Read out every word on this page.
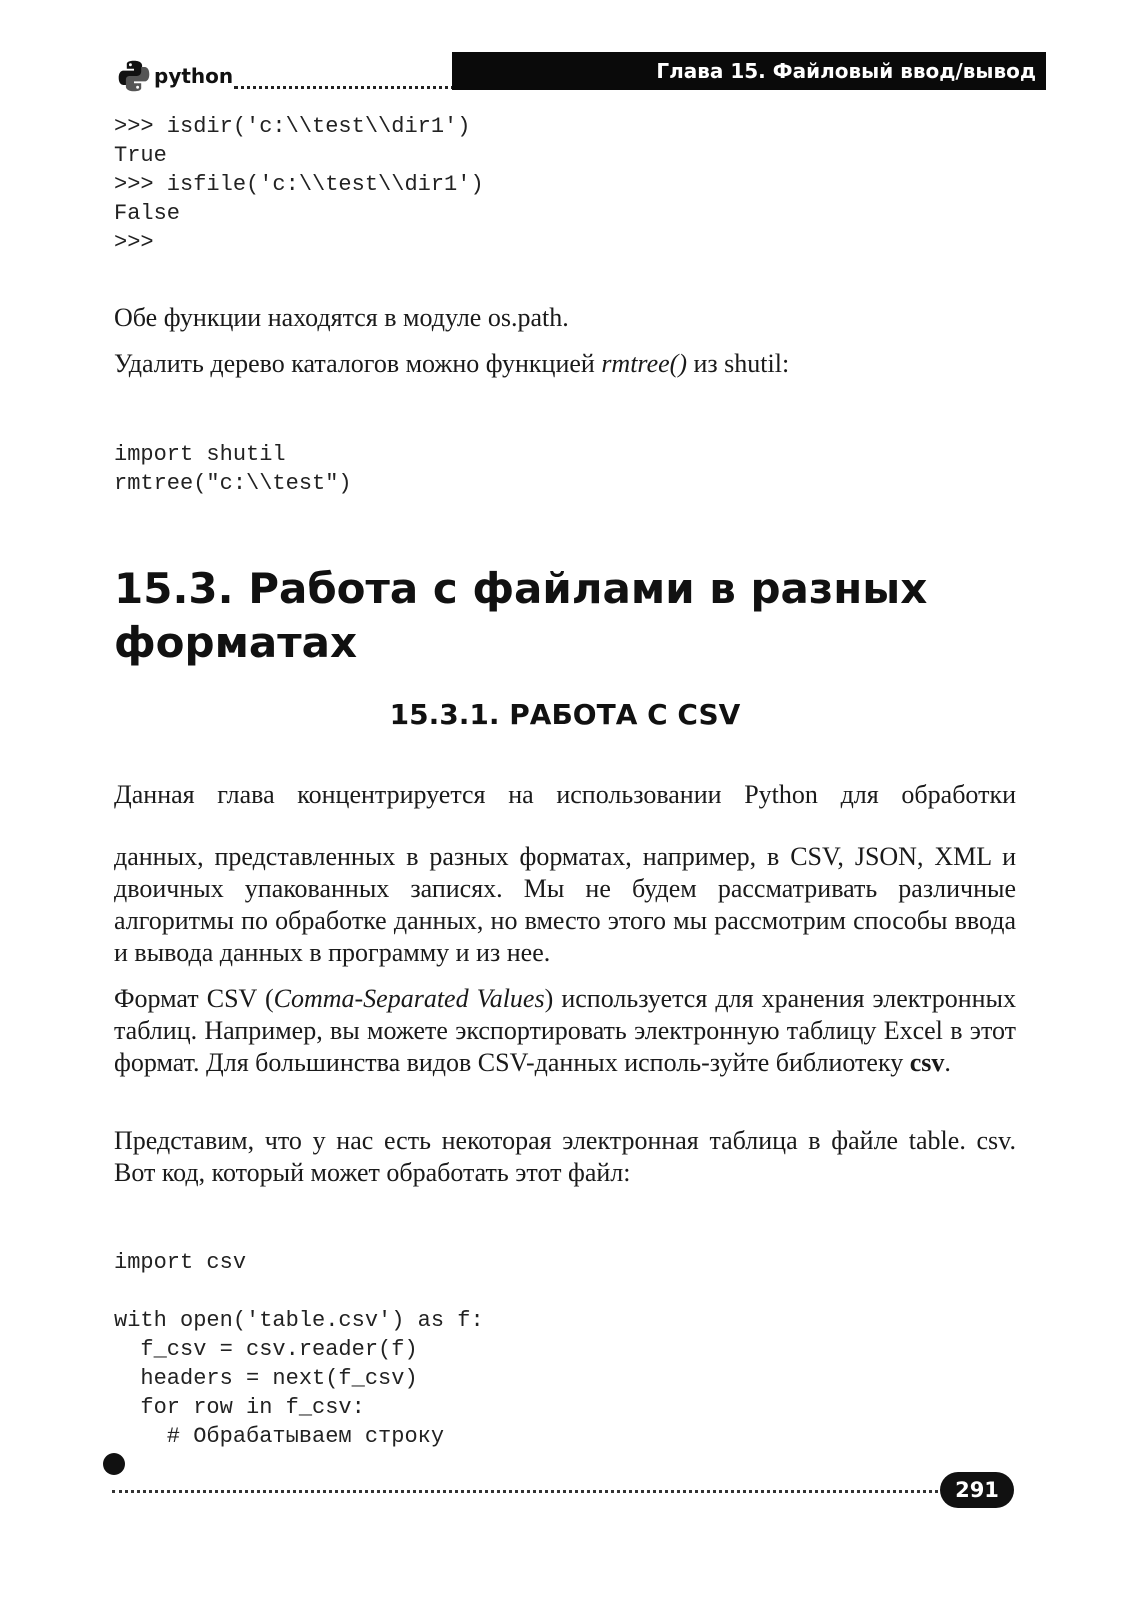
python	Глава 15. Файловый ввод/вывод
>>> isdir('c:\\test\\dir1')
True
>>> isfile('c:\\test\\dir1')
False
>>>

Обе функции находятся в модуле os.path.

Удалить дерево каталогов можно функцией rmtree() из shutil:

import shutil
rmtree("c:\\test")
15.3. Работа с файлами в разных форматах
15.3.1. РАБОТА С CSV

Данная глава концентрируется на использовании Python для обработки

данных, представленных в разных форматах, например, в CSV, JSON, XML и двоичных упакованных записях. Мы не будем рассматривать различные алгоритмы по обработке данных, но вместо этого мы рассмотрим способы ввода и вывода данных в программу и из нее.

Формат CSV (Comma-Separated Values) используется для хранения электронных таблиц. Например, вы можете экспортировать электронную таблицу Excel в этот формат. Для большинства видов CSV-данных исполь-зуйте библиотеку csv.

Представим, что у нас есть некоторая электронная таблица в файле table. csv. Вот код, который может обработать этот файл:

import csv

with open('table.csv') as f:
f_csv = csv.reader(f)
headers = next(f_csv)
for row in f_csv:
# Обрабатываем строку
291
